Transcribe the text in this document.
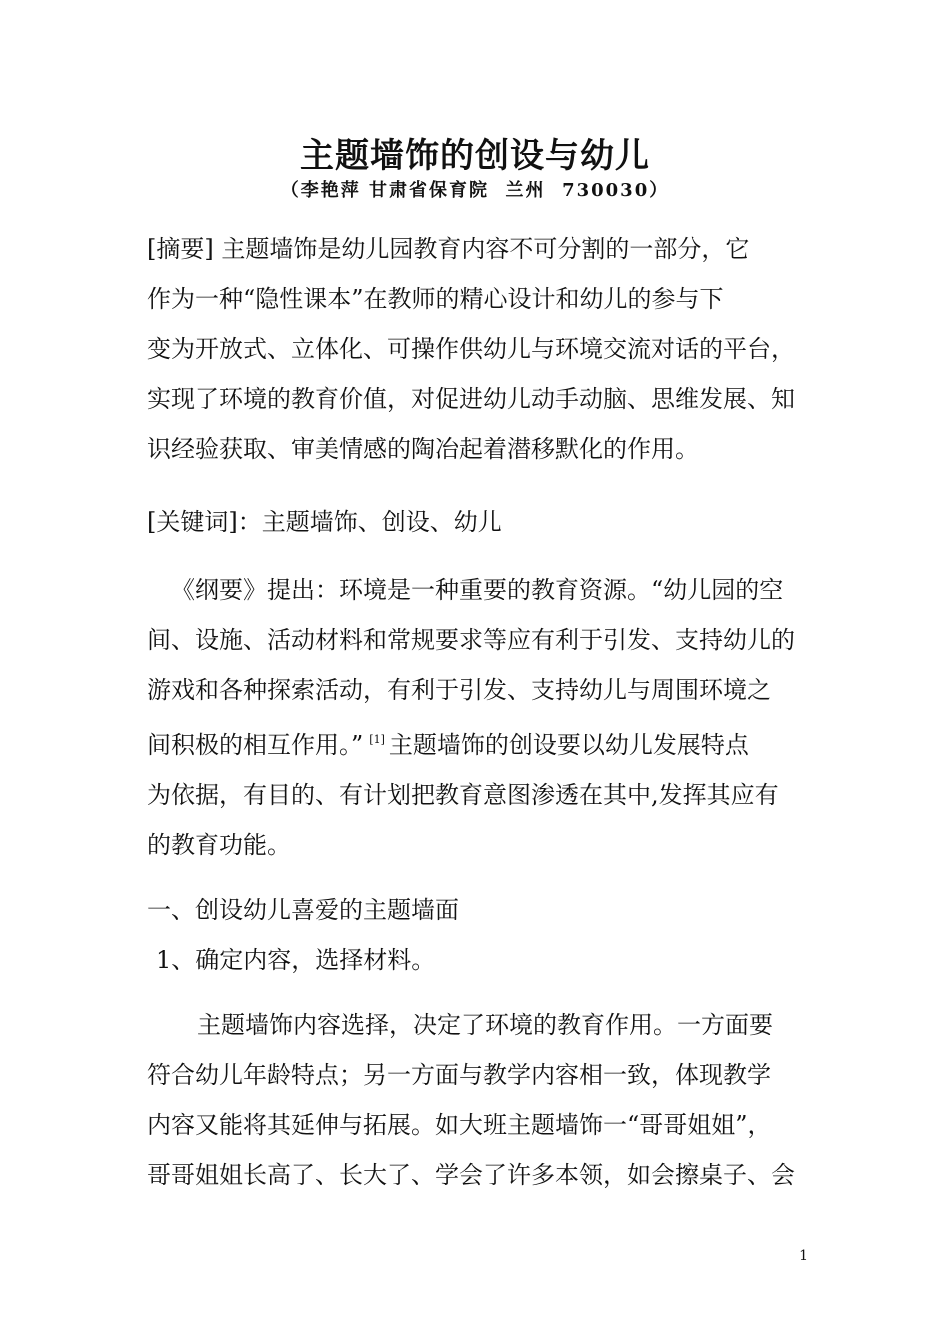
主题墙饰的创设与幼儿
（李艳萍 甘肃省保育院  兰州  730030）
[摘要] 主题墙饰是幼儿园教育内容不可分割的一部分，它
作为一种“隐性课本”在教师的精心设计和幼儿的参与下
变为开放式、立体化、可操作供幼儿与环境交流对话的平台，
实现了环境的教育价值，对促进幼儿动手动脑、思维发展、知
识经验获取、审美情感的陶冶起着潜移默化的作用。
[关键词]：主题墙饰、创设、幼儿
《纲要》提出：环境是一种重要的教育资源。“幼儿园的空
间、设施、活动材料和常规要求等应有利于引发、支持幼儿的
游戏和各种探索活动，有利于引发、支持幼儿与周围环境之
间积极的相互作用。” [1] 主题墙饰的创设要以幼儿发展特点
为依据，有目的、有计划把教育意图渗透在其中,发挥其应有
的教育功能。
一、创设幼儿喜爱的主题墙面
1、确定内容，选择材料。
主题墙饰内容选择，决定了环境的教育作用。一方面要
符合幼儿年龄特点；另一方面与教学内容相一致，体现教学
内容又能将其延伸与拓展。如大班主题墙饰一“哥哥姐姐”，
哥哥姐姐长高了、长大了、学会了许多本领，如会擦桌子、会
1
